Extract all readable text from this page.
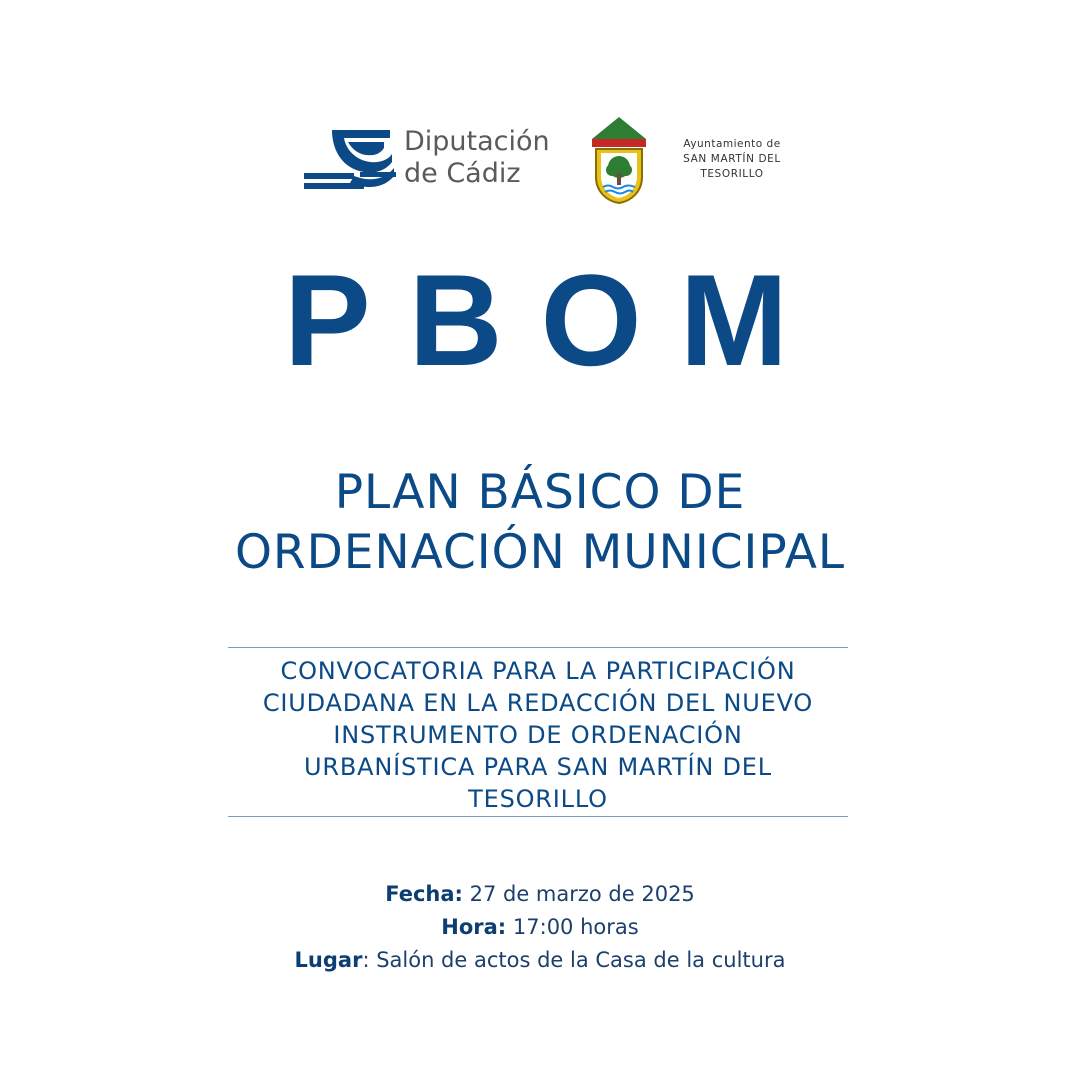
Diputación
de Cádiz
Ayuntamiento de
SAN MARTÍN DEL
TESORILLO
PBOM
PLAN BÁSICO DE
ORDENACIÓN MUNICIPAL
CONVOCATORIA PARA LA PARTICIPACIÓN
CIUDADANA EN LA REDACCIÓN DEL NUEVO
INSTRUMENTO DE ORDENACIÓN
URBANÍSTICA PARA SAN MARTÍN DEL
TESORILLO
Fecha: 27 de marzo de 2025
Hora: 17:00 horas
Lugar: Salón de actos de la Casa de la cultura
